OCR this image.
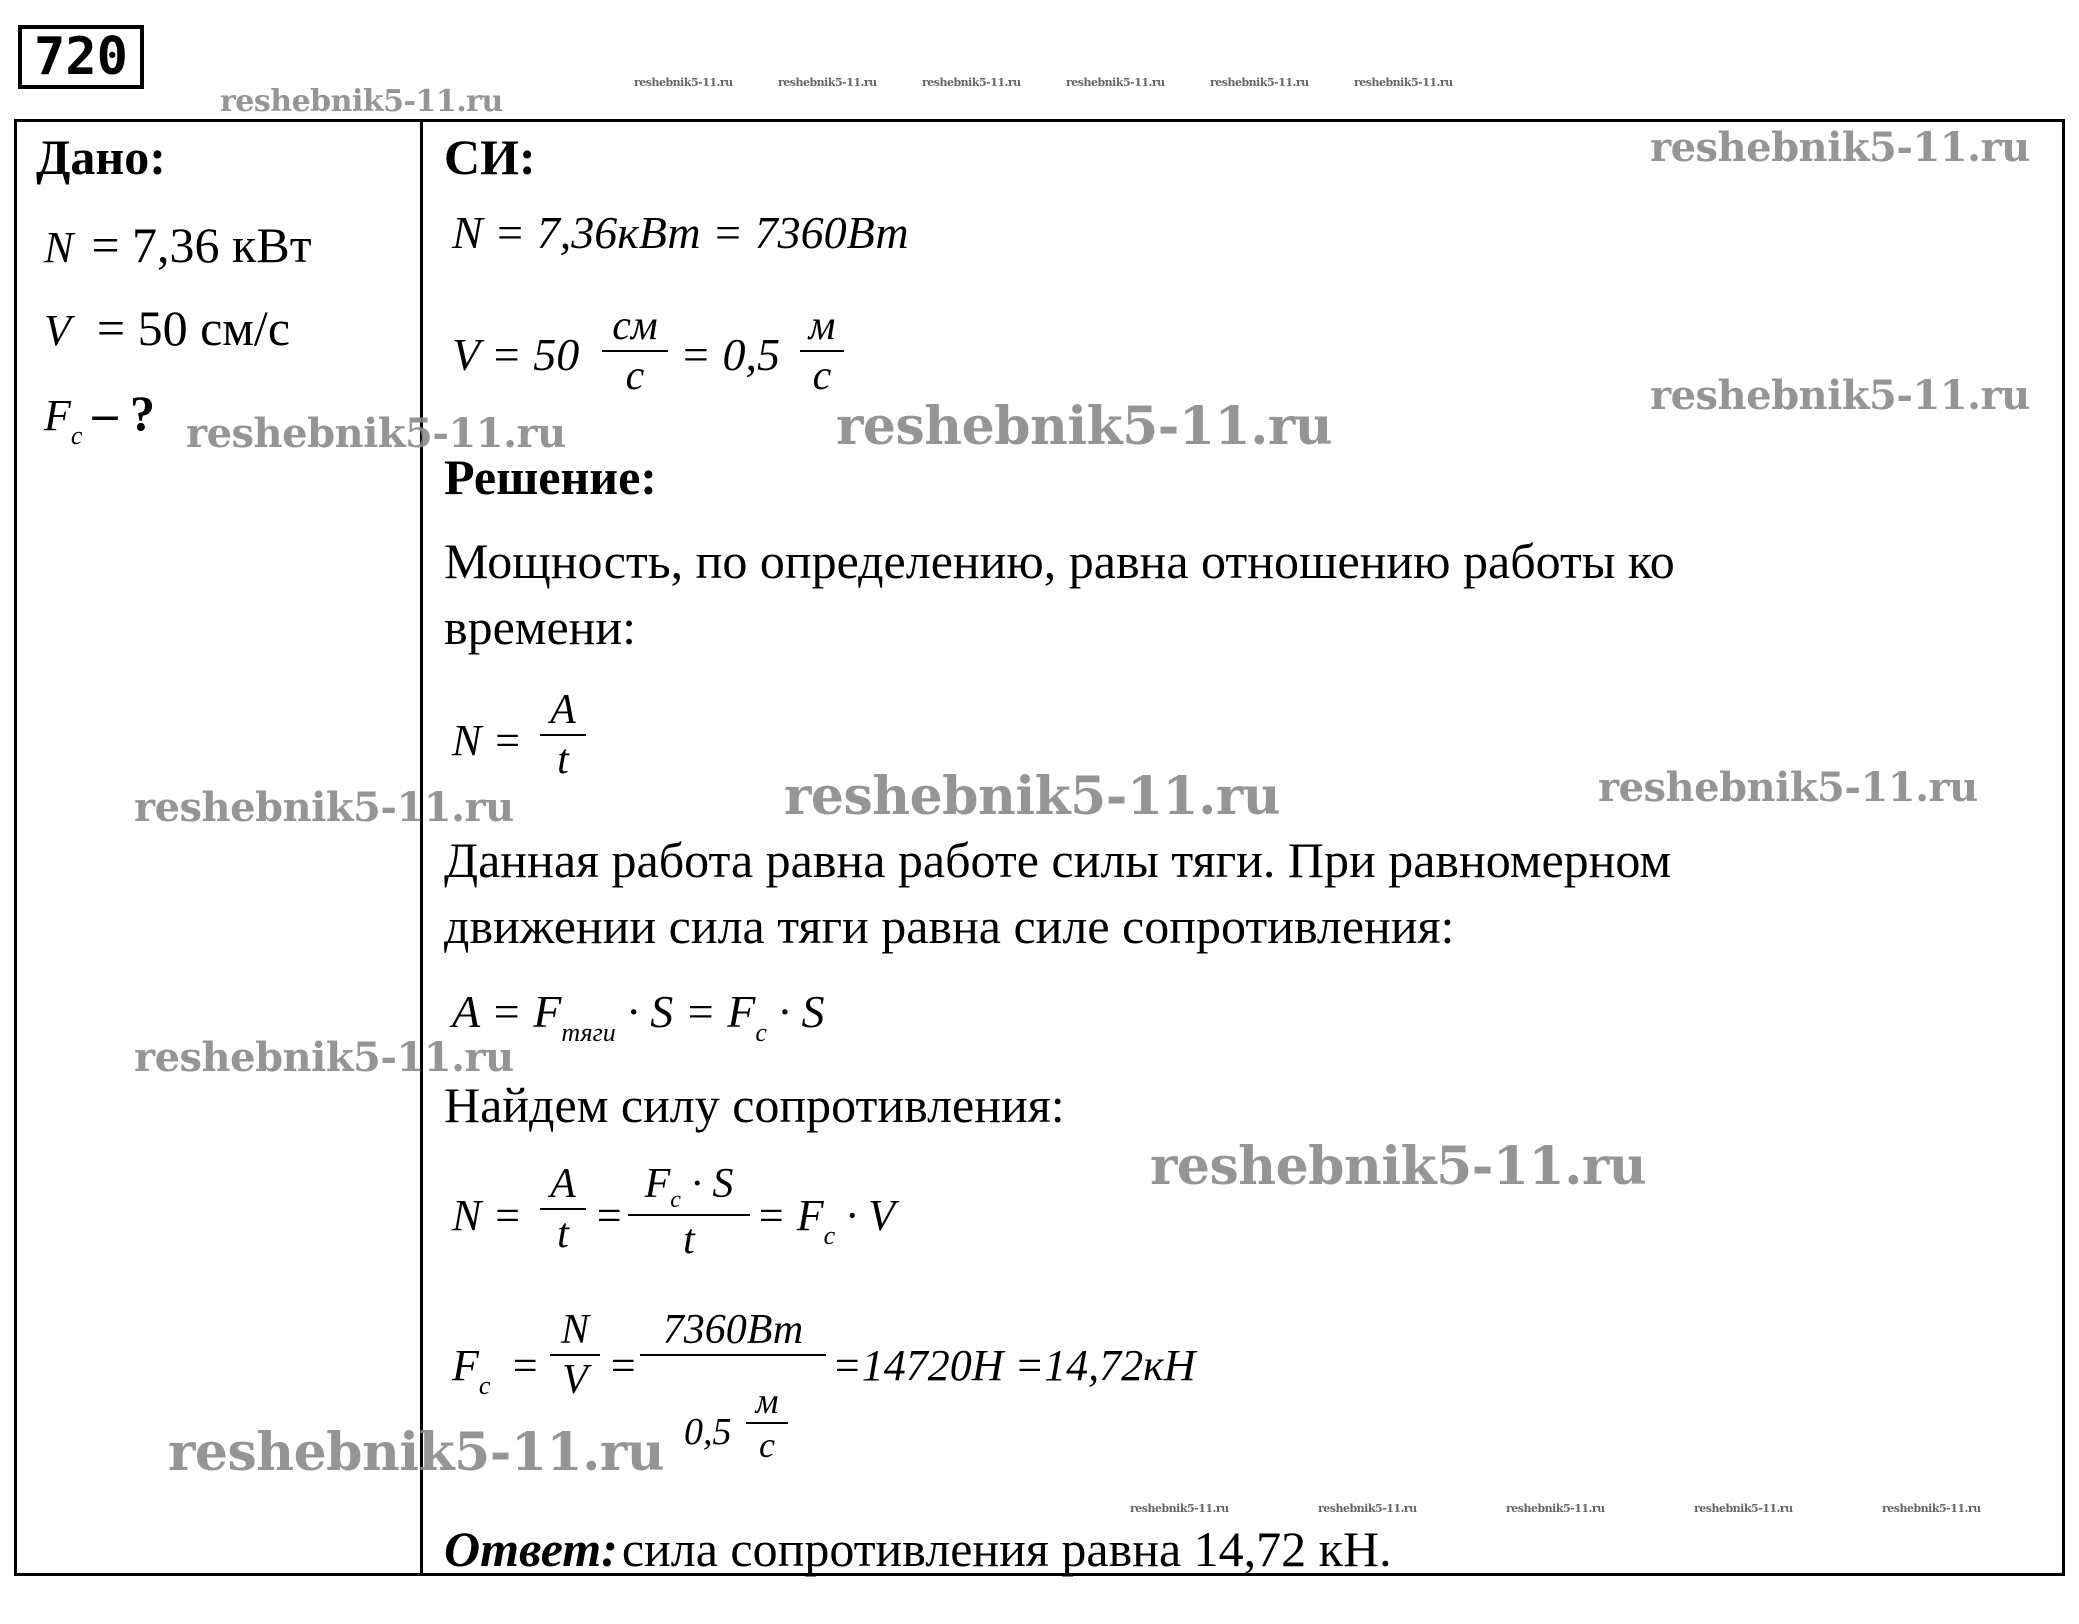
720
Дано:
N = 7,36 кВт
V = 50 см/с
Fc – ?
СИ:
N = 7,36кВт = 7360Вт
V = 50
см
с = 0,5
м
с
Решение:
Мощность, по определению, равна отношению работы ко
времени:
N =
A
t
Данная работа равна работе силы тяги. При равномерном
движении сила тяги равна силе сопротивления:
$A = F_{тяги} \cdot S = F_c \cdot S$
Найдем силу сопротивления:
N =
A
t =
$F_c \cdot S$
t	= $F_c \cdot V$
$F_c$ =
N
V =
7360Вт
0,5
м
с
=14720Н =14,72кН
Ответ: сила сопротивления равна 14,72 кН.
reshebnik5-11.ru
reshebnik5-11.ru	reshebnik5-11.ru	reshebnik5-11.ru	reshebnik5-11.ru	reshebnik5-11.ru	reshebnik5-11.ru
reshebnik5-11.ru
reshebnik5-11.ru
reshebnik5-11.ru	reshebnik5-11.ru
reshebnik5-11.ru	reshebnik5-11.ru	reshebnik5-11.ru
reshebnik5-11.ru
reshebnik5-11.ru
reshebnik5-11.ru
reshebnik5-11.ru	reshebnik5-11.ru	reshebnik5-11.ru	reshebnik5-11.ru	reshebnik5-11.ru
